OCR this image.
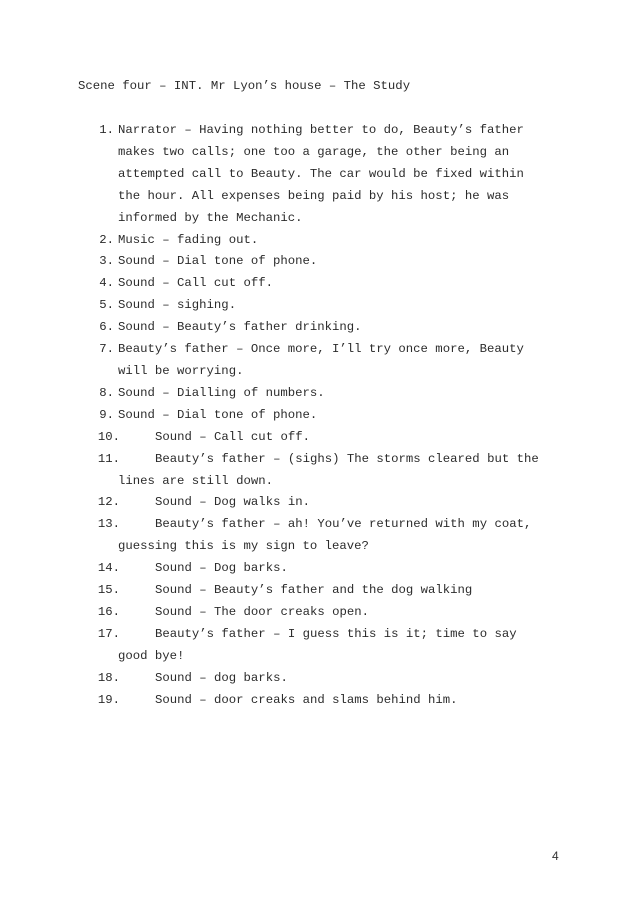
Scene four – INT. Mr Lyon’s house – The Study
1. Narrator – Having nothing better to do, Beauty’s father
makes two calls; one too a garage, the other being an
attempted call to Beauty. The car would be fixed within
the hour. All expenses being paid by his host; he was
informed by the Mechanic.
2. Music – fading out.
3. Sound – Dial tone of phone.
4. Sound – Call cut off.
5. Sound – sighing.
6. Sound – Beauty’s father drinking.
7. Beauty’s father – Once more, I’ll try once more, Beauty
will be worrying.
8. Sound – Dialling of numbers.
9. Sound – Dial tone of phone.
10.	Sound – Call cut off.
11.	Beauty’s father – (sighs) The storms cleared but the
lines are still down.
12.	Sound – Dog walks in.
13.	Beauty’s father – ah! You’ve returned with my coat,
guessing this is my sign to leave?
14.	Sound – Dog barks.
15.	Sound – Beauty’s father and the dog walking
16.	Sound – The door creaks open.
17.	Beauty’s father – I guess this is it; time to say
good bye!
18.	Sound – dog barks.
19.	Sound – door creaks and slams behind him.
4
